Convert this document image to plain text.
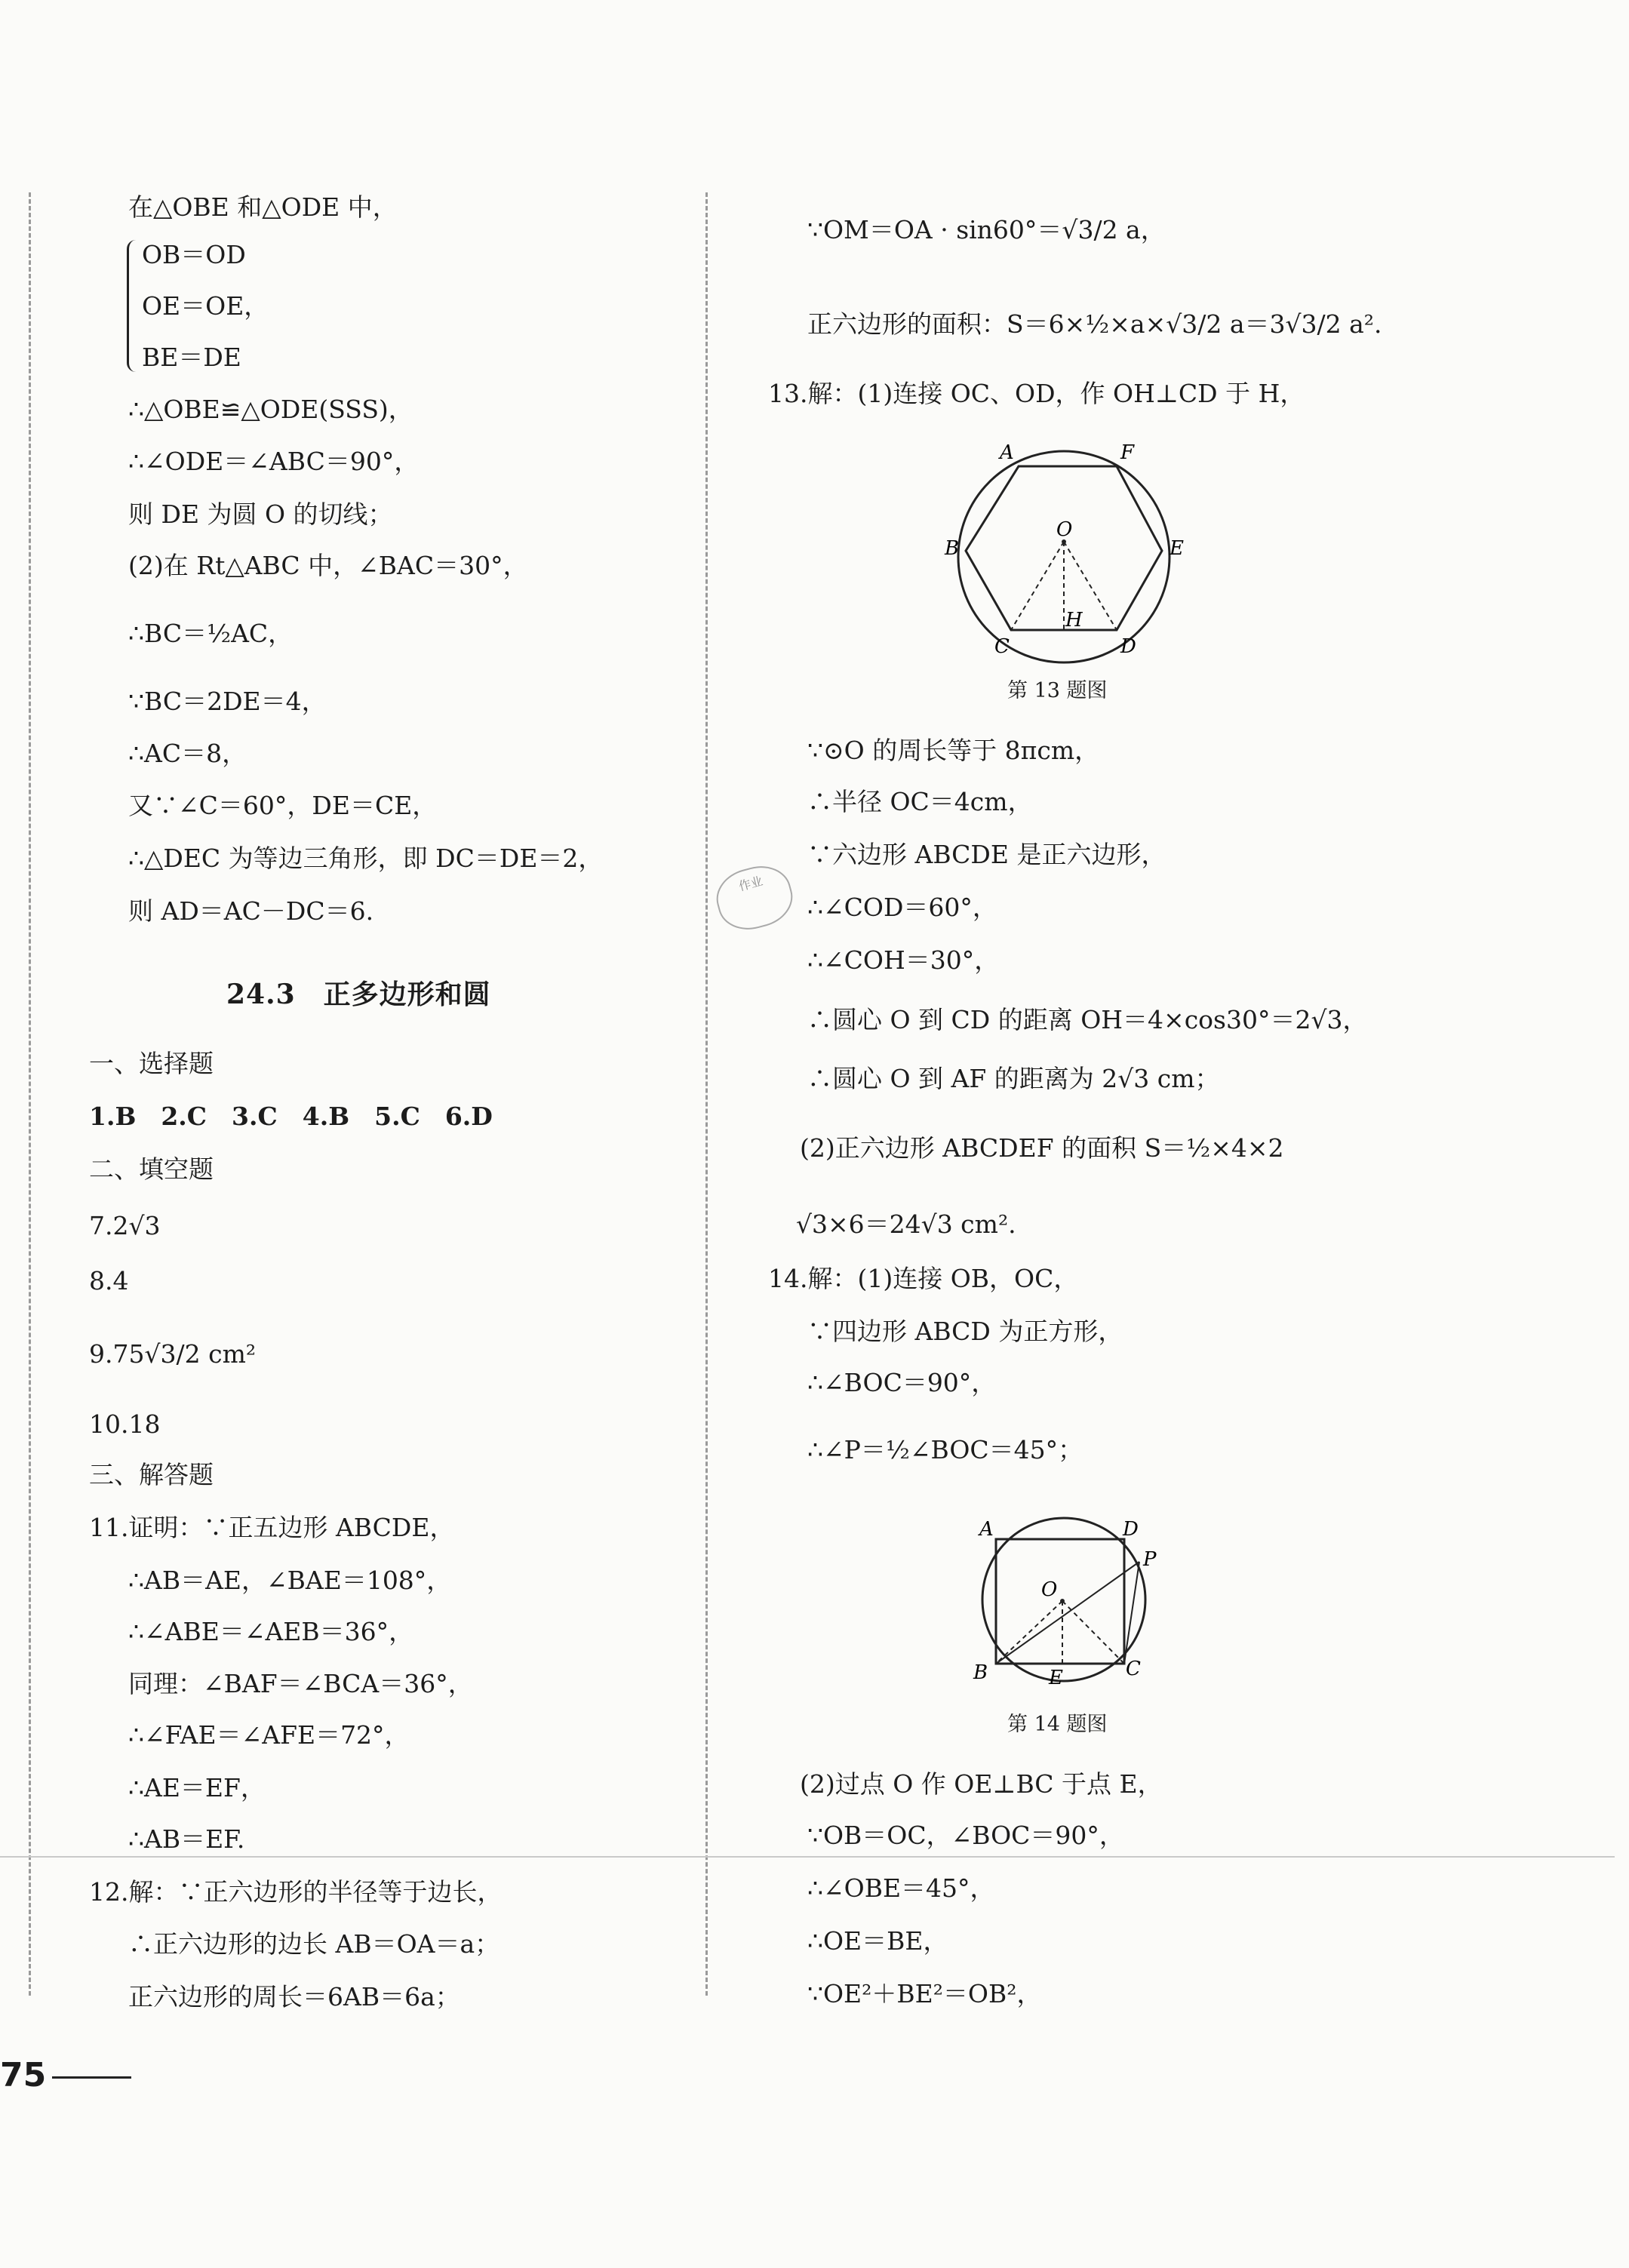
在△OBE 和△ODE 中，
OB＝OD
OE＝OE，
BE＝DE
∴△OBE≌△ODE(SSS)，
∴∠ODE＝∠ABC＝90°，
则 DE 为圆 O 的切线；
(2)在 Rt△ABC 中，∠BAC＝30°，
∴BC＝½AC，
∵BC＝2DE＝4，
∴AC＝8，
又∵∠C＝60°，DE＝CE，
∴△DEC 为等边三角形，即 DC＝DE＝2，
则 AD＝AC－DC＝6.
24.3　正多边形和圆
一、选择题
1.B　2.C　3.C　4.B　5.C　6.D
二、填空题
7.2√3
8.4
9.75√3/2 cm²
10.18
三、解答题
11.证明：∵正五边形 ABCDE，
∴AB＝AE，∠BAE＝108°，
∴∠ABE＝∠AEB＝36°，
同理：∠BAF＝∠BCA＝36°，
∴∠FAE＝∠AFE＝72°，
∴AE＝EF，
∴AB＝EF.
12.解：∵正六边形的半径等于边长，
∴正六边形的边长 AB＝OA＝a；
正六边形的周长＝6AB＝6a；
∵OM＝OA · sin60°＝√3/2 a，
正六边形的面积：S＝6×½×a×√3/2 a＝3√3/2 a².
13.解：(1)连接 OC、OD，作 OH⊥CD 于 H，
A	F
B
O
E
C
H
D
第 13 题图
∵⊙O 的周长等于 8πcm，
∴半径 OC＝4cm，
∵六边形 ABCDE 是正六边形，
∴∠COD＝60°，
∴∠COH＝30°，
∴圆心 O 到 CD 的距离 OH＝4×cos30°＝2√3，
∴圆心 O 到 AF 的距离为 2√3 cm；
(2)正六边形 ABCDEF 的面积 S＝½×4×2
√3×6＝24√3 cm².
14.解：(1)连接 OB，OC，
∵四边形 ABCD 为正方形，
∴∠BOC＝90°，
∴∠P＝½∠BOC＝45°；
A	D
P
O
B	E	C
第 14 题图
(2)过点 O 作 OE⊥BC 于点 E，
∵OB＝OC，∠BOC＝90°，
∴∠OBE＝45°，
∴OE＝BE，
∵OE²＋BE²＝OB²，
作业
75
